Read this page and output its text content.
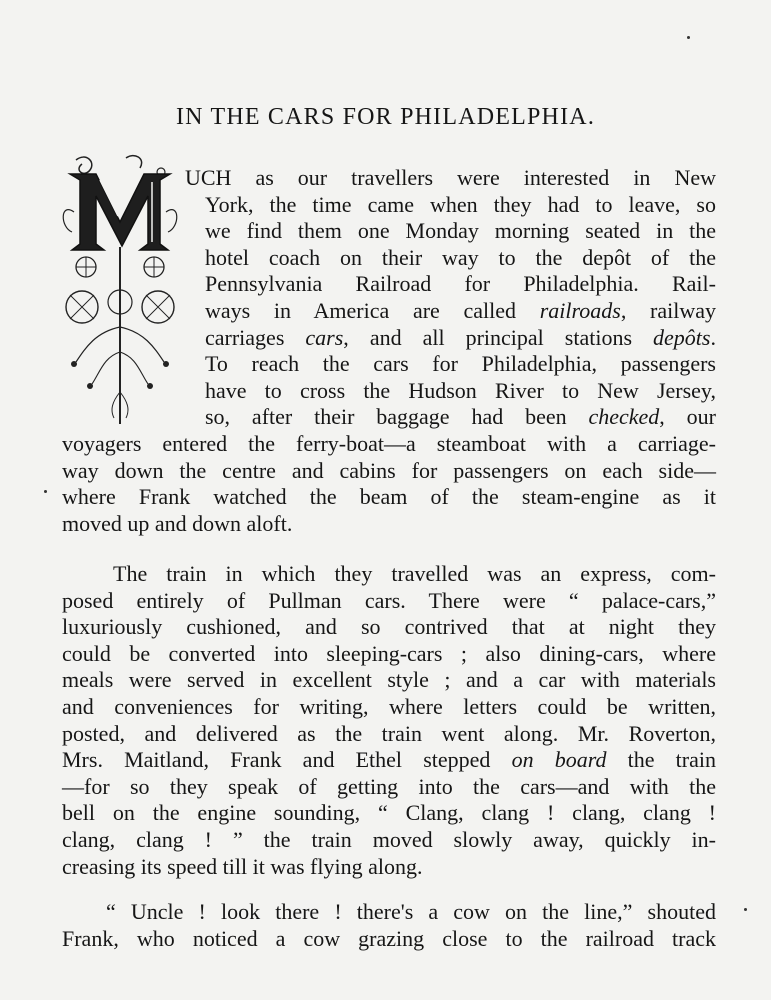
IN THE CARS FOR PHILADELPHIA.
UCH as our travellers were interested in New
York, the time came when they had to leave, so
we find them one Monday morning seated in the
hotel coach on their way to the depôt of the
Pennsylvania Railroad for Philadelphia. Rail-
ways in America are called railroads, railway
carriages cars, and all principal stations depôts.
To reach the cars for Philadelphia, passengers
have to cross the Hudson River to New Jersey,
so, after their baggage had been checked, our
voyagers entered the ferry-boat—a steamboat with a carriage-
way down the centre and cabins for passengers on each side—
where Frank watched the beam of the steam-engine as it
moved up and down aloft.
The train in which they travelled was an express, com-
posed entirely of Pullman cars. There were “ palace-cars,”
luxuriously cushioned, and so contrived that at night they
could be converted into sleeping-cars ; also dining-cars, where
meals were served in excellent style ; and a car with materials
and conveniences for writing, where letters could be written,
posted, and delivered as the train went along. Mr. Roverton,
Mrs. Maitland, Frank and Ethel stepped on board the train
—for so they speak of getting into the cars—and with the
bell on the engine sounding, “ Clang, clang ! clang, clang !
clang, clang ! ” the train moved slowly away, quickly in-
creasing its speed till it was flying along.
“ Uncle ! look there ! there's a cow on the line,” shouted
Frank, who noticed a cow grazing close to the railroad track
